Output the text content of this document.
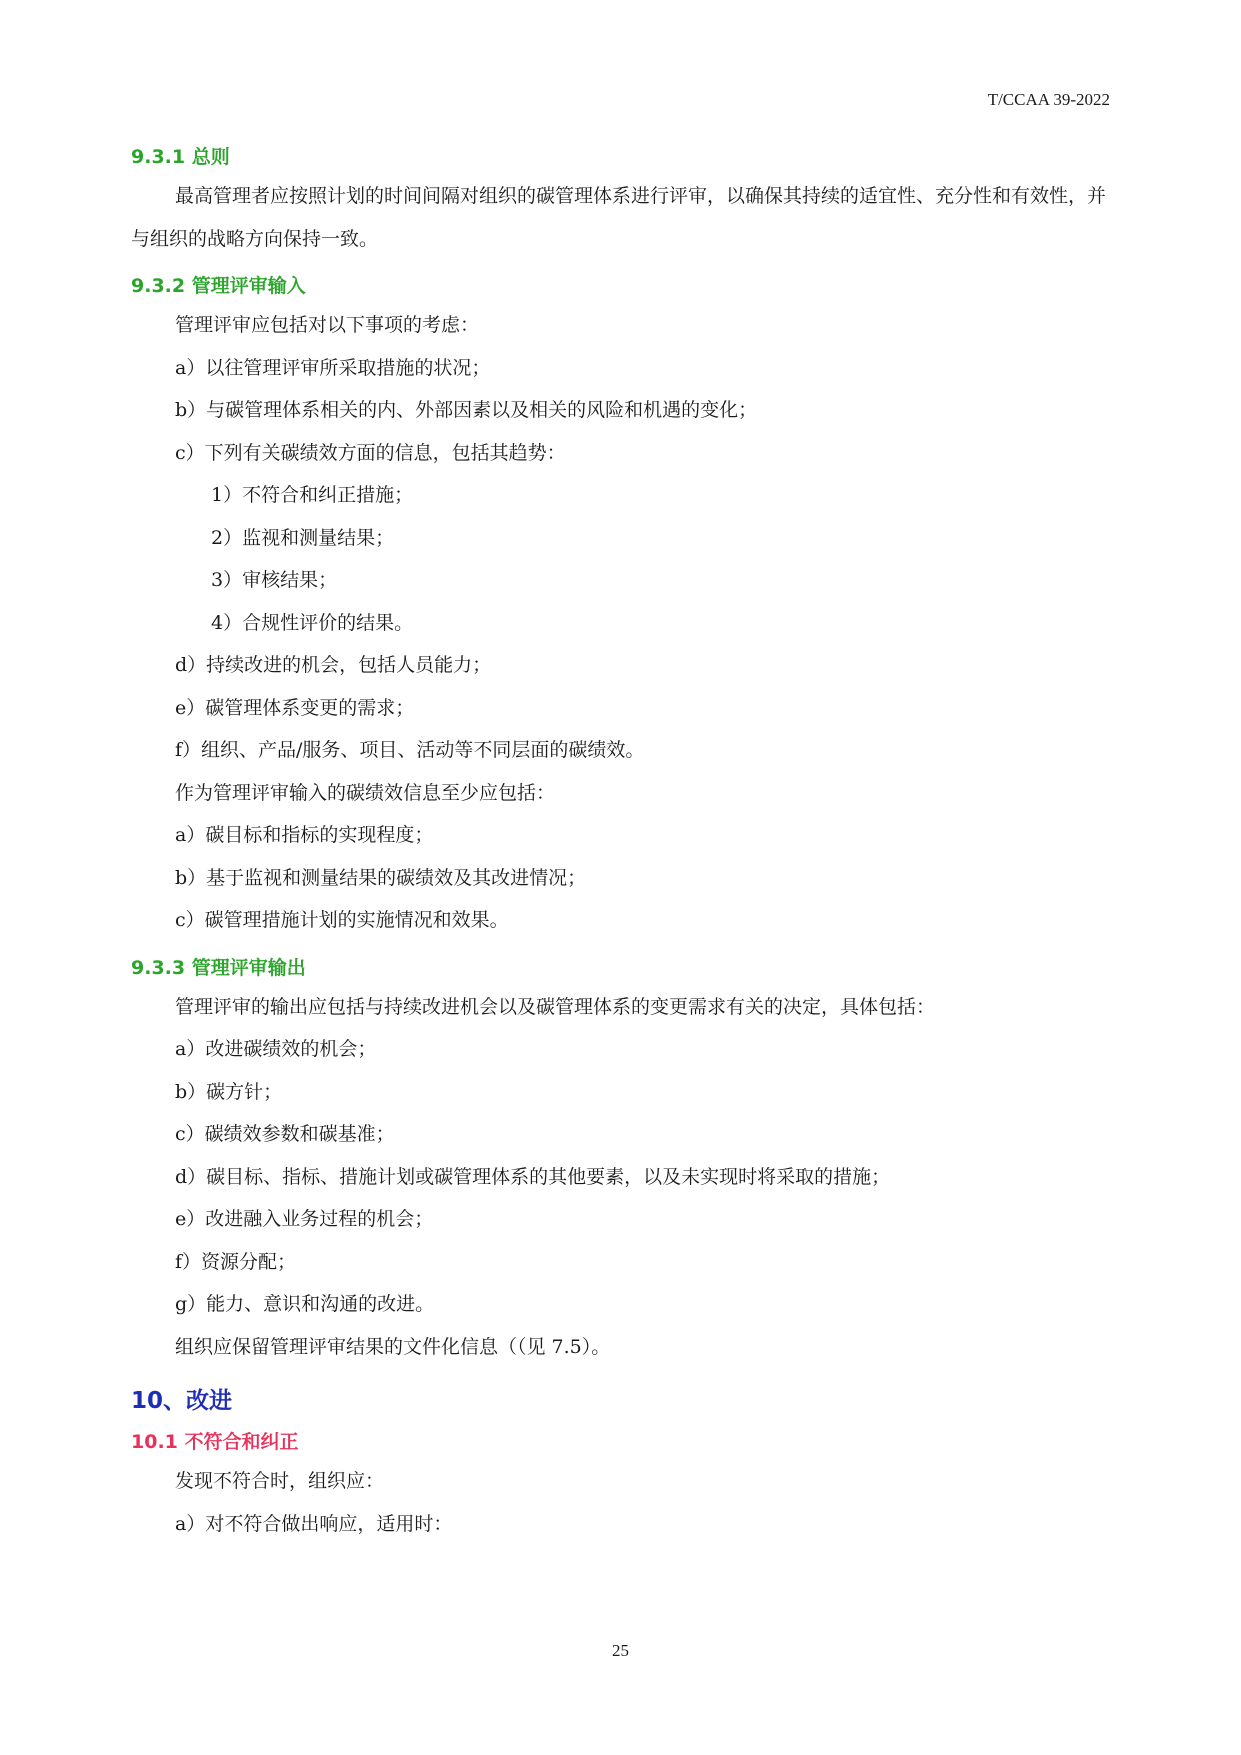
T/CCAA 39-2022
9.3.1 总则
最高管理者应按照计划的时间间隔对组织的碳管理体系进行评审，以确保其持续的适宜性、充分性和有效性，并与组织的战略方向保持一致。
9.3.2 管理评审输入
管理评审应包括对以下事项的考虑：
a）以往管理评审所采取措施的状况；
b）与碳管理体系相关的内、外部因素以及相关的风险和机遇的变化；
c）下列有关碳绩效方面的信息，包括其趋势：
1）不符合和纠正措施；
2）监视和测量结果；
3）审核结果；
4）合规性评价的结果。
d）持续改进的机会，包括人员能力；
e）碳管理体系变更的需求；
f）组织、产品/服务、项目、活动等不同层面的碳绩效。
作为管理评审输入的碳绩效信息至少应包括：
a）碳目标和指标的实现程度；
b）基于监视和测量结果的碳绩效及其改进情况；
c）碳管理措施计划的实施情况和效果。
9.3.3 管理评审输出
管理评审的输出应包括与持续改进机会以及碳管理体系的变更需求有关的决定，具体包括：
a）改进碳绩效的机会；
b）碳方针；
c）碳绩效参数和碳基准；
d）碳目标、指标、措施计划或碳管理体系的其他要素，以及未实现时将采取的措施；
e）改进融入业务过程的机会；
f）资源分配；
g）能力、意识和沟通的改进。
组织应保留管理评审结果的文件化信息（（见 7.5）。
10、改进
10.1 不符合和纠正
发现不符合时，组织应：
a）对不符合做出响应，适用时：
25
